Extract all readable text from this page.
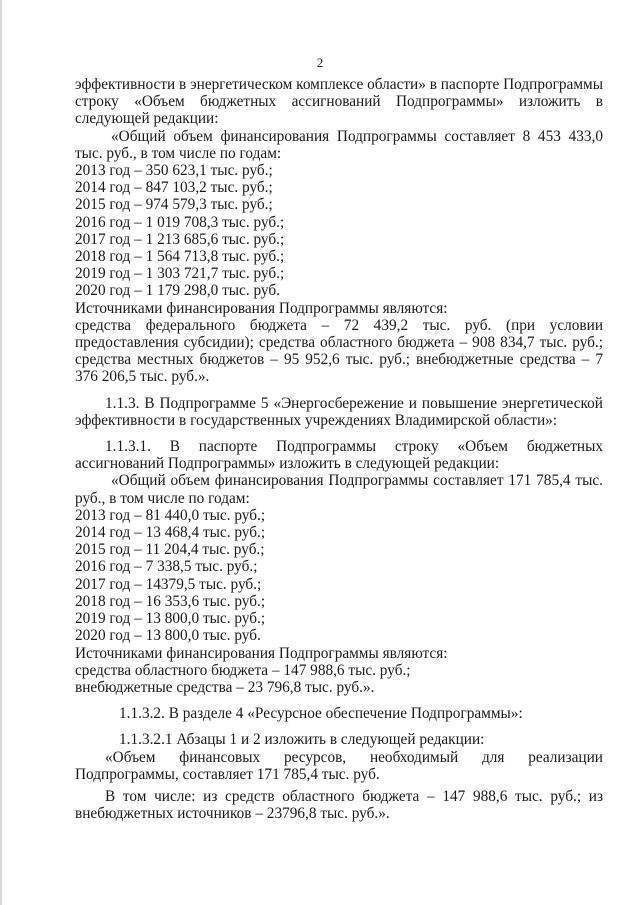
2

эффективности в энергетическом комплексе области» в паспорте Подпрограммы строку «Объем бюджетных ассигнований Подпрограммы» изложить в следующей редакции:

«Общий объем финансирования Подпрограммы составляет 8 453 433,0 тыс. руб., в том числе по годам:

2013 год – 350 623,1 тыс. руб.;

2014 год – 847 103,2 тыс. руб.;

2015 год – 974 579,3 тыс. руб.;

2016 год – 1 019 708,3 тыс. руб.;

2017 год – 1 213 685,6 тыс. руб.;

2018 год – 1 564 713,8 тыс. руб.;

2019 год – 1 303 721,7 тыс. руб.;

2020 год – 1 179 298,0 тыс. руб.

Источниками финансирования Подпрограммы являются:

средства федерального бюджета – 72 439,2 тыс. руб. (при условии предоставления субсидии); средства областного бюджета – 908 834,7 тыс. руб.; средства местных бюджетов – 95 952,6 тыс. руб.; внебюджетные средства – 7 376 206,5 тыс. руб.».

1.1.3. В Подпрограмме 5 «Энергосбережение и повышение энергетической эффективности в государственных учреждениях Владимирской области»:

1.1.3.1. В паспорте Подпрограммы строку «Объем бюджетных ассигнований Подпрограммы» изложить в следующей редакции:

«Общий объем финансирования Подпрограммы составляет 171 785,4 тыс. руб., в том числе по годам:

2013 год – 81 440,0 тыс. руб.;

2014 год – 13 468,4 тыс. руб.;

2015 год – 11 204,4 тыс. руб.;

2016 год – 7 338,5 тыс. руб.;

2017 год – 14379,5 тыс. руб.;

2018 год – 16 353,6 тыс. руб.;

2019 год – 13 800,0 тыс. руб.;

2020 год – 13 800,0 тыс. руб.

Источниками финансирования Подпрограммы являются:

средства областного бюджета – 147 988,6 тыс. руб.;

внебюджетные средства – 23 796,8 тыс. руб.».

1.1.3.2. В разделе 4 «Ресурсное обеспечение Подпрограммы»:

1.1.3.2.1 Абзацы 1 и 2 изложить в следующей редакции:

«Объем финансовых ресурсов, необходимый для реализации Подпрограммы, составляет 171 785,4 тыс. руб.

В том числе: из средств областного бюджета – 147 988,6 тыс. руб.; из внебюджетных источников – 23796,8 тыс. руб.».
